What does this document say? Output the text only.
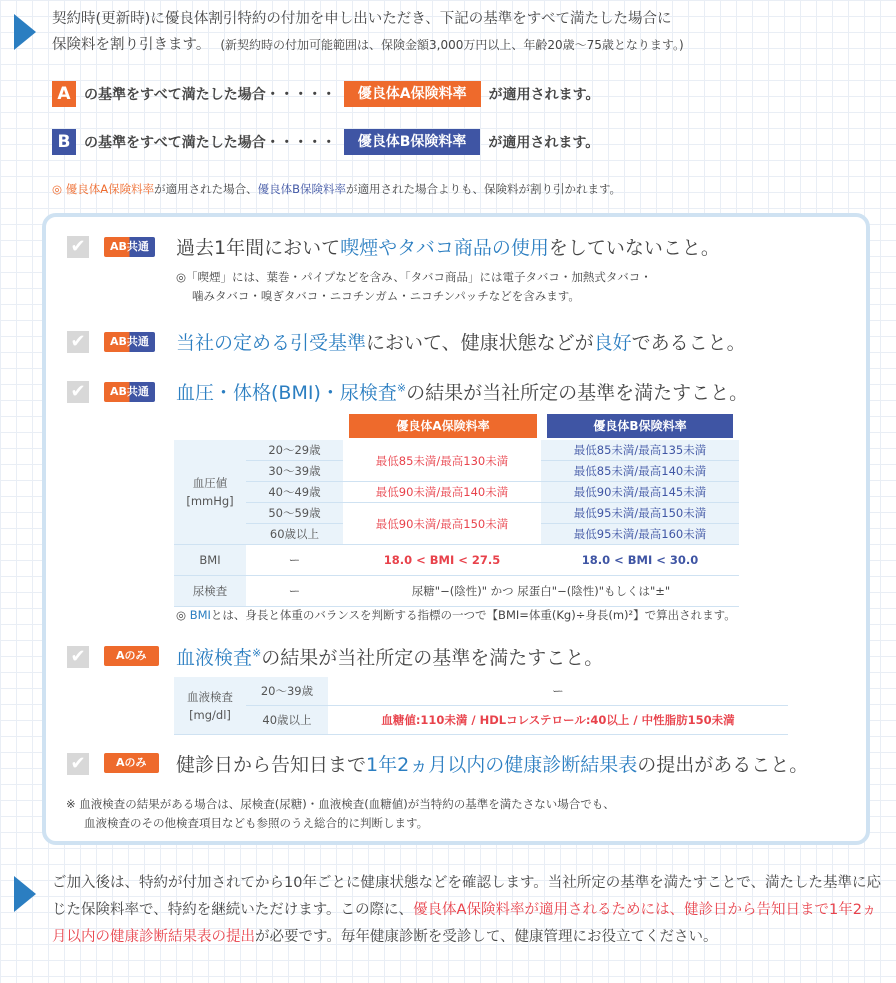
契約時(更新時)に優良体割引特約の付加を申し出いただき、下記の基準をすべて満たした場合に
保険料を割り引きます。 (新契約時の付加可能範囲は、保険金額3,000万円以上、年齢20歳〜75歳となります。)
A の基準をすべて満たした場合・・・・・	優良体A保険料率	が適用されます。
B の基準をすべて満たした場合・・・・・	優良体B保険料率	が適用されます。
◎ 優良体A保険料率が適用された場合、優良体B保険料率が適用された場合よりも、保険料が割り引かれます。
✔	AB共通	過去1年間において喫煙やタバコ商品の使用をしていないこと。
◎「喫煙」には、葉巻・パイプなどを含み、「タバコ商品」には電子タバコ・加熱式タバコ・
噛みタバコ・嗅ぎタバコ・ニコチンガム・ニコチンパッチなどを含みます。
✔	AB共通	当社の定める引受基準において、健康状態などが良好であること。
✔	AB共通	血圧・体格(BMI)・尿検査※の結果が当社所定の基準を満たすこと。
優良体A保険料率	優良体B保険料率
血圧値
[mmHg]	20〜29歳	最低85未満/最高130未満	最低85未満/最高135未満
	30〜39歳		最低85未満/最高140未満
	40〜49歳	最低90未満/最高140未満	最低90未満/最高145未満
	50〜59歳	最低90未満/最高150未満	最低95未満/最高150未満
	60歳以上		最低95未満/最高160未満
BMI	ー	18.0 < BMI < 27.5	18.0 < BMI < 30.0
尿検査	ー	尿糖"−(陰性)" かつ 尿蛋白"−(陰性)"もしくは"±"	
◎ BMIとは、身長と体重のバランスを判断する指標の一つで【BMI=体重(Kg)÷身長(m)²】で算出されます。
✔	Aのみ	血液検査※の結果が当社所定の基準を満たすこと。
血液検査
[mg/dl]	20〜39歳	ー
	40歳以上	血糖値:110未満 / HDLコレステロール:40以上 / 中性脂肪150未満
✔	Aのみ	健診日から告知日まで1年2ヵ月以内の健康診断結果表の提出があること。
※ 血液検査の結果がある場合は、尿検査(尿糖)・血液検査(血糖値)が当特約の基準を満たさない場合でも、
血液検査のその他検査項目なども参照のうえ総合的に判断します。
ご加入後は、特約が付加されてから10年ごとに健康状態などを確認します。当社所定の基準を満たすことで、満たした基準に応じた保険料率で、特約を継続いただけます。この際に、優良体A保険料率が適用されるためには、健診日から告知日まで1年2ヵ月以内の健康診断結果表の提出が必要です。毎年健康診断を受診して、健康管理にお役立てください。
